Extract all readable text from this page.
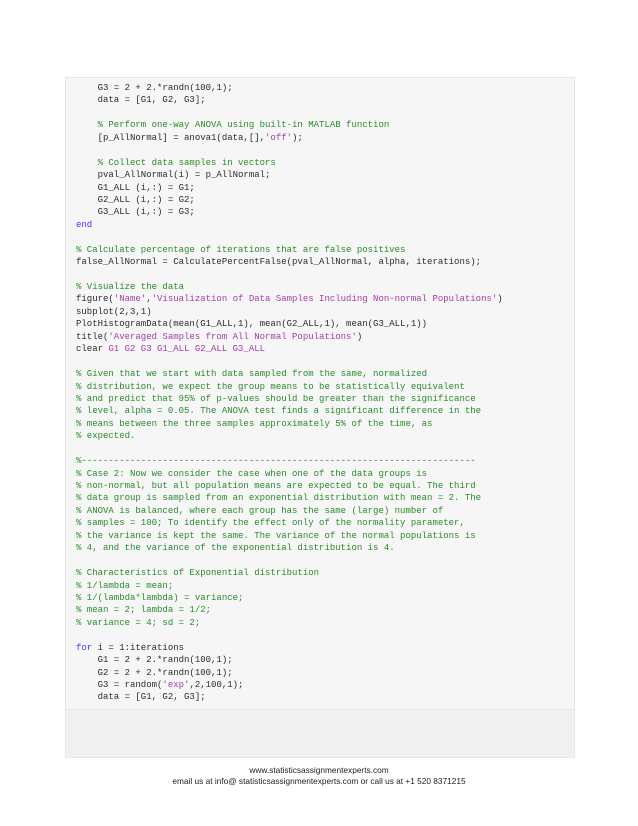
G3 = 2 + 2.*randn(100,1);
data = [G1, G2, G3];
% Perform one-way ANOVA using built-in MATLAB function
[p_AllNormal] = anova1(data,[],'off');
% Collect data samples in vectors
pval_AllNormal(i) = p_AllNormal;
G1_ALL (i,:) = G1;
G2_ALL (i,:) = G2;
G3_ALL (i,:) = G3;
end
% Calculate percentage of iterations that are false positives
false_AllNormal = CalculatePercentFalse(pval_AllNormal, alpha, iterations);
% Visualize the data
figure('Name','Visualization of Data Samples Including Non-normal Populations')
subplot(2,3,1)
PlotHistogramData(mean(G1_ALL,1), mean(G2_ALL,1), mean(G3_ALL,1))
title('Averaged Samples from All Normal Populations')
clear G1 G2 G3 G1_ALL G2_ALL G3_ALL
% Given that we start with data sampled from the same, normalized
% distribution, we expect the group means to be statistically equivalent
% and predict that 95% of p-values should be greater than the significance
% level, alpha = 0.05. The ANOVA test finds a significant difference in the
% means between the three samples approximately 5% of the time, as
% expected.
%-------------------------------------------------------------------------
% Case 2: Now we consider the case when one of the data groups is
% non-normal, but all population means are expected to be equal. The third
% data group is sampled from an exponential distribution with mean = 2. The
% ANOVA is balanced, where each group has the same (large) number of
% samples = 100; To identify the effect only of the normality parameter,
% the variance is kept the same. The variance of the normal populations is
% 4, and the variance of the exponential distribution is 4.
% Characteristics of Exponential distribution
% 1/lambda = mean;
% 1/(lambda*lambda) = variance;
% mean = 2; lambda = 1/2;
% variance = 4; sd = 2;
for i = 1:iterations
G1 = 2 + 2.*randn(100,1);
G2 = 2 + 2.*randn(100,1);
G3 = random('exp',2,100,1);
data = [G1, G2, G3];
www.statisticsassignmentexperts.com
email us at info@ statisticsassignmentexperts.com or call us at +1 520 8371215
